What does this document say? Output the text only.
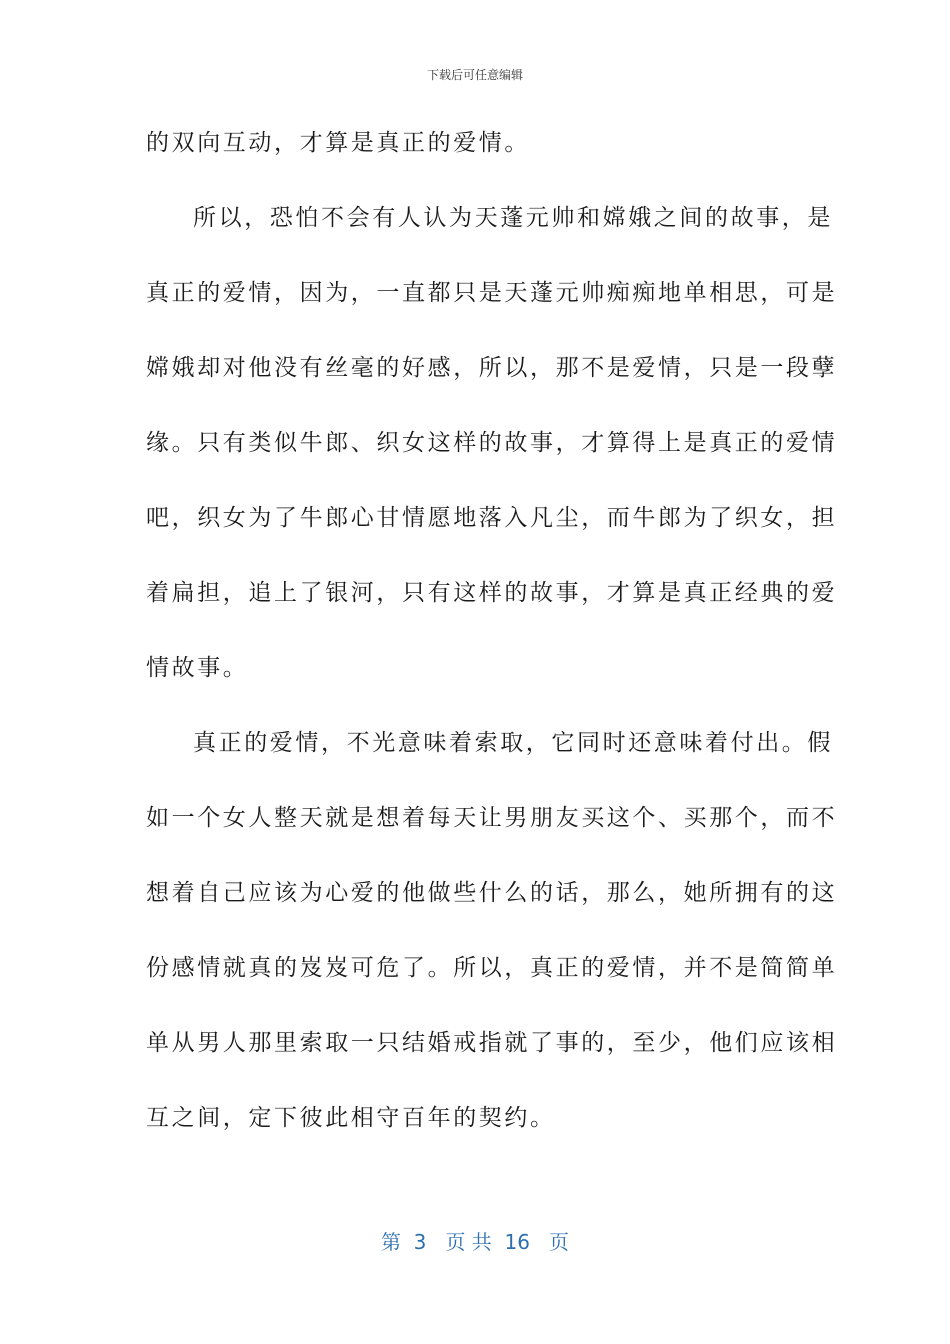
下载后可任意编辑
的双向互动，才算是真正的爱情。
所以，恐怕不会有人认为天蓬元帅和嫦娥之间的故事，是
真正的爱情，因为，一直都只是天蓬元帅痴痴地单相思，可是
嫦娥却对他没有丝毫的好感，所以，那不是爱情，只是一段孽
缘。只有类似牛郎、织女这样的故事，才算得上是真正的爱情
吧，织女为了牛郎心甘情愿地落入凡尘，而牛郎为了织女，担
着扁担，追上了银河，只有这样的故事，才算是真正经典的爱
情故事。
真正的爱情，不光意味着索取，它同时还意味着付出。假
如一个女人整天就是想着每天让男朋友买这个、买那个，而不
想着自己应该为心爱的他做些什么的话，那么，她所拥有的这
份感情就真的岌岌可危了。所以，真正的爱情，并不是简简单
单从男人那里索取一只结婚戒指就了事的，至少，他们应该相
互之间，定下彼此相守百年的契约。
第  3   页 共  16   页
